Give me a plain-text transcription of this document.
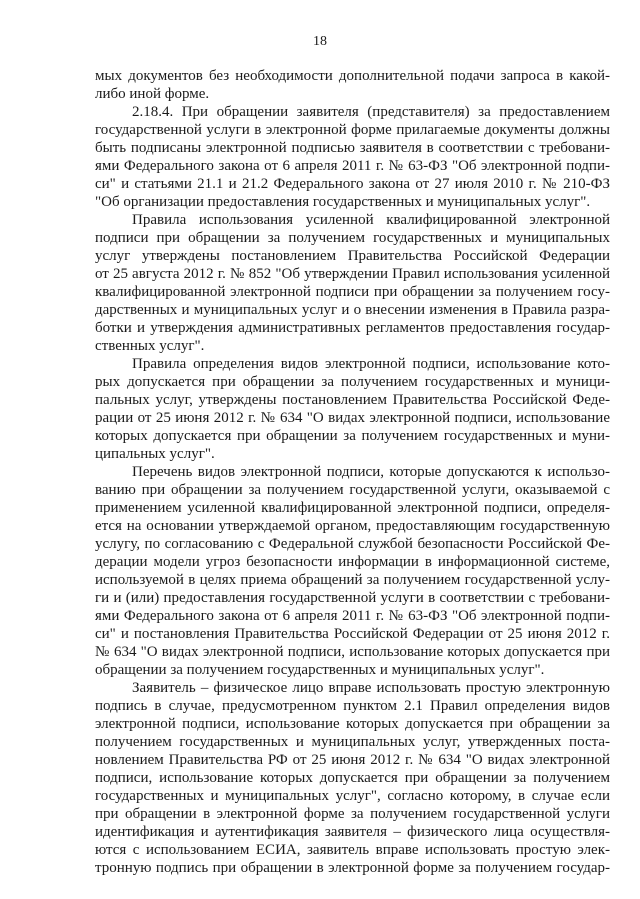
18
мых документов без необходимости дополнительной подачи запроса в какой-
либо иной форме.
2.18.4. При обращении заявителя (представителя) за предоставлением
государственной услуги в электронной форме прилагаемые документы должны
быть подписаны электронной подписью заявителя в соответствии с требовани-
ями Федерального закона от 6 апреля 2011 г. № 63-ФЗ "Об электронной подпи-
си" и статьями 21.1 и 21.2 Федерального закона от 27 июля 2010 г. № 210-ФЗ
"Об организации предоставления государственных и муниципальных услуг".
Правила использования усиленной квалифицированной электронной
подписи при обращении за получением государственных и муниципальных
услуг утверждены постановлением Правительства Российской Федерации
от 25 августа 2012 г. № 852 "Об утверждении Правил использования усиленной
квалифицированной электронной подписи при обращении за получением госу-
дарственных и муниципальных услуг и о внесении изменения в Правила разра-
ботки и утверждения административных регламентов предоставления государ-
ственных услуг".
Правила определения видов электронной подписи, использование кото-
рых допускается при обращении за получением государственных и муници-
пальных услуг, утверждены постановлением Правительства Российской Феде-
рации от 25 июня 2012 г. № 634 "О видах электронной подписи, использование
которых допускается при обращении за получением государственных и муни-
ципальных услуг".
Перечень видов электронной подписи, которые допускаются к использо-
ванию при обращении за получением государственной услуги, оказываемой с
применением усиленной квалифицированной электронной подписи, определя-
ется на основании утверждаемой органом, предоставляющим государственную
услугу, по согласованию с Федеральной службой безопасности Российской Фе-
дерации модели угроз безопасности информации в информационной системе,
используемой в целях приема обращений за получением государственной услу-
ги и (или) предоставления государственной услуги в соответствии с требовани-
ями Федерального закона от 6 апреля 2011 г. № 63-ФЗ "Об электронной подпи-
си" и постановления Правительства Российской Федерации от 25 июня 2012 г.
№ 634 "О видах электронной подписи, использование которых допускается при
обращении за получением государственных и муниципальных услуг".
Заявитель – физическое лицо вправе использовать простую электронную
подпись в случае, предусмотренном пунктом 2.1 Правил определения видов
электронной подписи, использование которых допускается при обращении за
получением государственных и муниципальных услуг, утвержденных поста-
новлением Правительства РФ от 25 июня 2012 г. № 634 "О видах электронной
подписи, использование которых допускается при обращении за получением
государственных и муниципальных услуг", согласно которому, в случае если
при обращении в электронной форме за получением государственной услуги
идентификация и аутентификация заявителя – физического лица осуществля-
ются с использованием ЕСИА, заявитель вправе использовать простую элек-
тронную подпись при обращении в электронной форме за получением государ-
